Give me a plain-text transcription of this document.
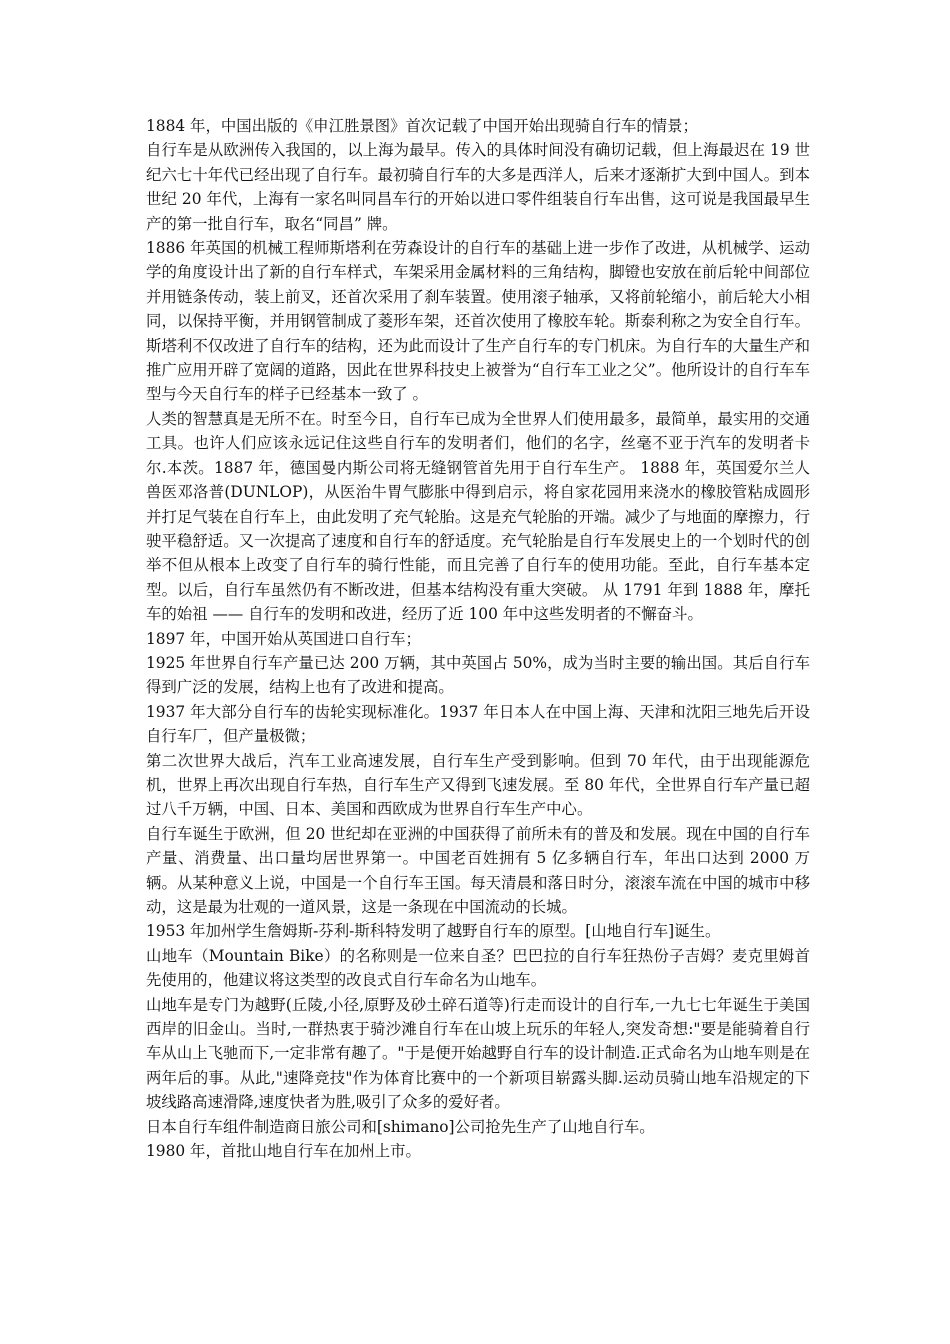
1884 年，中国出版的《申江胜景图》首次记载了中国开始出现骑自行车的情景；

自行车是从欧洲传入我国的，以上海为最早。传入的具体时间没有确切记载，但上海最迟在 19 世纪六七十年代已经出现了自行车。最初骑自行车的大多是西洋人，后来才逐渐扩大到中国人。到本世纪 20 年代，上海有一家名叫同昌车行的开始以进口零件组装自行车出售，这可说是我国最早生产的第一批自行车，取名“同昌” 牌。

1886 年英国的机械工程师斯塔利在劳森设计的自行车的基础上进一步作了改进，从机械学、运动学的角度设计出了新的自行车样式，车架采用金属材料的三角结构，脚镫也安放在前后轮中间部位并用链条传动，装上前叉，还首次采用了刹车装置。使用滚子轴承，又将前轮缩小，前后轮大小相同，以保持平衡，并用钢管制成了菱形车架，还首次使用了橡胶车轮。斯泰利称之为安全自行车。斯塔利不仅改进了自行车的结构，还为此而设计了生产自行车的专门机床。为自行车的大量生产和推广应用开辟了宽阔的道路，因此在世界科技史上被誉为“自行车工业之父”。他所设计的自行车车型与今天自行车的样子已经基本一致了 。

人类的智慧真是无所不在。时至今日，自行车已成为全世界人们使用最多，最简单，最实用的交通工具。也许人们应该永远记住这些自行车的发明者们，他们的名字，丝毫不亚于汽车的发明者卡尔.本茨。1887 年，德国曼内斯公司将无缝钢管首先用于自行车生产。 1888 年，英国爱尔兰人兽医邓洛普(DUNLOP)，从医治牛胃气膨胀中得到启示，将自家花园用来浇水的橡胶管粘成圆形并打足气装在自行车上，由此发明了充气轮胎。这是充气轮胎的开端。减少了与地面的摩擦力，行驶平稳舒适。又一次提高了速度和自行车的舒适度。充气轮胎是自行车发展史上的一个划时代的创举不但从根本上改变了自行车的骑行性能，而且完善了自行车的使用功能。至此，自行车基本定型。以后，自行车虽然仍有不断改进，但基本结构没有重大突破。 从 1791 年到 1888 年，摩托车的始祖 —— 自行车的发明和改进，经历了近 100 年中这些发明者的不懈奋斗。

1897 年，中国开始从英国进口自行车；

1925 年世界自行车产量已达 200 万辆，其中英国占 50%，成为当时主要的输出国。其后自行车得到广泛的发展，结构上也有了改进和提高。

1937 年大部分自行车的齿轮实现标准化。1937 年日本人在中国上海、天津和沈阳三地先后开设自行车厂，但产量极微；

第二次世界大战后，汽车工业高速发展，自行车生产受到影响。但到 70 年代，由于出现能源危机，世界上再次出现自行车热，自行车生产又得到飞速发展。至 80 年代，全世界自行车产量已超过八千万辆，中国、日本、美国和西欧成为世界自行车生产中心。

自行车诞生于欧洲，但 20 世纪却在亚洲的中国获得了前所未有的普及和发展。现在中国的自行车产量、消费量、出口量均居世界第一。中国老百姓拥有 5 亿多辆自行车，年出口达到 2000 万辆。从某种意义上说，中国是一个自行车王国。每天清晨和落日时分，滚滚车流在中国的城市中移动，这是最为壮观的一道风景，这是一条现在中国流动的长城。

1953 年加州学生詹姆斯-芬利-斯科特发明了越野自行车的原型。[山地自行车]诞生。

山地车（Mountain Bike）的名称则是一位来自圣？巴巴拉的自行车狂热份子吉姆？麦克里姆首先使用的，他建议将这类型的改良式自行车命名为山地车。

山地车是专门为越野(丘陵,小径,原野及砂土碎石道等)行走而设计的自行车,一九七七年诞生于美国西岸的旧金山。当时,一群热衷于骑沙滩自行车在山坡上玩乐的年轻人,突发奇想:"要是能骑着自行车从山上飞驰而下,一定非常有趣了。"于是便开始越野自行车的设计制造.正式命名为山地车则是在两年后的事。从此,"速降竞技"作为体育比赛中的一个新项目崭露头脚.运动员骑山地车沿规定的下坡线路高速滑降,速度快者为胜,吸引了众多的爱好者。

日本自行车组件制造商日旅公司和[shimano]公司抢先生产了山地自行车。

1980 年，首批山地自行车在加州上市。
